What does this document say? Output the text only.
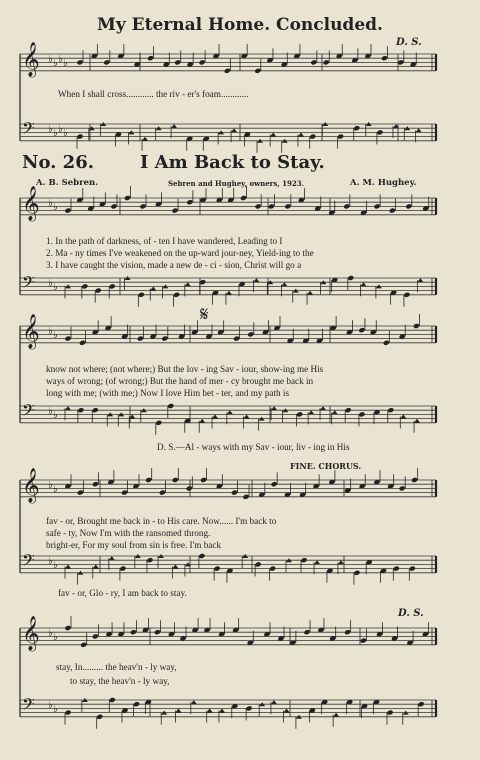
𝄞 ♭ ♭ ♭ ♭
𝄢 ♭ ♭ ♭ ♭
𝄞 ♭ ♭
𝄢 ♭ ♭
𝄞 ♭ ♭
𝄢 ♭ ♭
𝄞 ♭ ♭
𝄢 ♭ ♭
𝄞 ♭ ♭
𝄢 ♭ ♭
My Eternal Home. Concluded.
D. S.
When I shall cross............ the riv - er's foam............
No. 26.	I Am Back to Stay.
A. B. Sebren.	Sebren and Hughey, owners, 1923.	A. M. Hughey.
1. In the path of darkness, of - ten I have wandered, Leading to I
2. Ma - ny times I've weakened on the up-ward jour-ney, Yield-ing to the
3. I have caught the vision, made a new de - ci - sion, Christ will go a
𝄋
know not where; (not where;) But the lov - ing Sav - iour, show-ing me His
ways of wrong; (of wrong;) But the hand of mer - cy brought me back in
long with me; (with me;) Now I love Him bet - ter, and my path is
D. S.—Al - ways with my Sav - iour, liv - ing in His
FINE. CHORUS.
fav - or, Brought me back in - to His care. Now...... I'm back to
safe - ty, Now I'm with the ransomed throng.
bright-er, For my soul from sin is free. I'm back
fav - or, Glo - ry, I am back to stay.
D. S.
stay, In......... the heav'n - ly way,
to stay, the heav'n - ly way,
